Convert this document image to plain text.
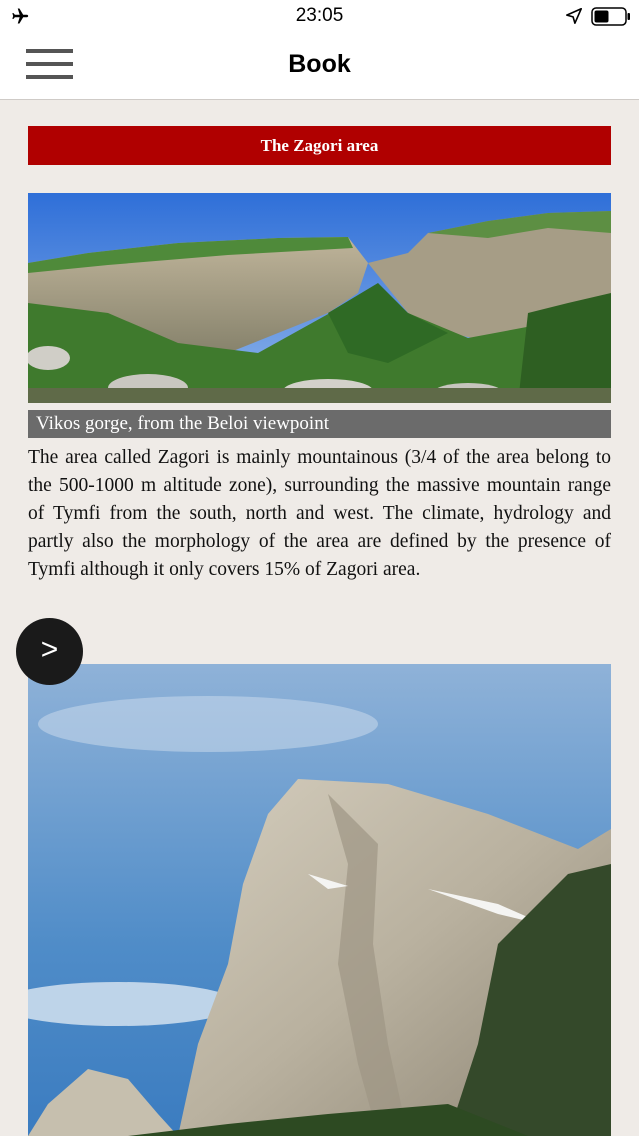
23:05
Book
The Zagori area
Vikos gorge, from the Beloi viewpoint

The area called Zagori is mainly mountainous (3/4 of the area belong to the 500-1000 m altitude zone), surrounding the massive mountain range of Tymfi from the south, north and west. The climate, hydrology and partly also the morphology of the area are defined by the presence of Tymfi although it only covers 15% of Zagori area.

>
